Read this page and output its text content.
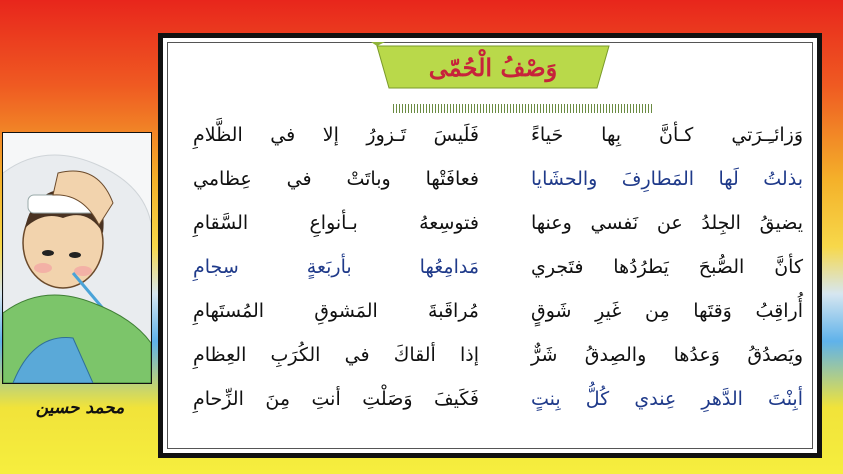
محمد حسين
وَصْفُ الْحُمّى
وَزائـِـرَتي كـأنَّ بِها حَياءً
فَلَيسَ تَـزورُ إلا في الظَّلامِ
بذلتُ لَها المَطارِفَ والحشَايا
فعافَتْها وباتَتْ في عِظامي
يضيقُ الجِلدُ عن نَفسي وعنها
فتوسِعهُ بـأنواعِ السَّقامِ
كأنَّ الصُّبحَ يَطرُدُها فتَجري
مَدامِعُها بأربَعةٍ سِجامِ
أُراقِبُ وَقتَها مِن غَيرِ شَوقٍ
مُراقَبةَ المَشوقِ المُستَهامِ
ويَصدُقُ وَعدُها والصِدقُ شَرٌّ
إذا ألقاكَ في الكُرَبِ العِظامِ
أبِنْتَ الدَّهرِ عِندي كُلُّ بِنتٍ
فَكَيفَ وَصَلْتِ أنتِ مِنَ الزِّحامِ
